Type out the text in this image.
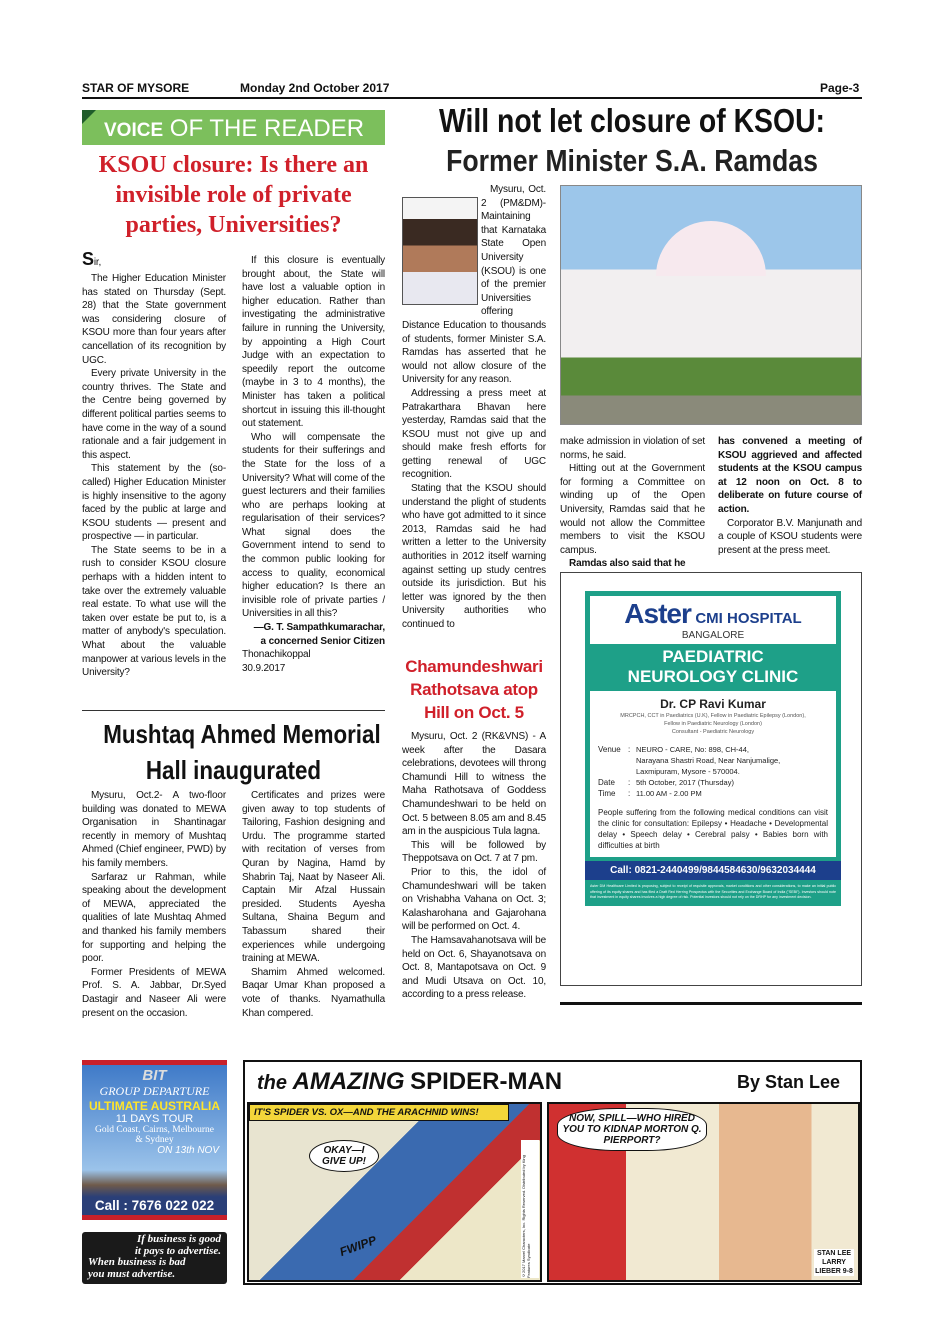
STAR OF MYSORE	Monday 2nd October 2017	Page-3
VOICE OF THE READER
KSOU closure: Is there an invisible role of private parties, Universities?
Sir,

The Higher Education Minister has stated on Thursday (Sept. 28) that the State government was considering closure of KSOU more than four years after cancellation of its recognition by UGC.

Every private University in the country thrives. The State and the Centre being governed by different political parties seems to have come in the way of a sound rationale and a fair judgement in this aspect.

This statement by the (so-called) Higher Education Minister is highly insensitive to the agony faced by the public at large and KSOU students — present and prospective — in particular.

The State seems to be in a rush to consider KSOU closure perhaps with a hidden intent to take over the extremely valuable real estate. To what use will the taken over estate be put to, is a matter of anybody's speculation. What about the valuable manpower at various levels in the University?

If this closure is eventually brought about, the State will have lost a valuable option in higher education. Rather than investigating the administrative failure in running the University, by appointing a High Court Judge with an expectation to speedily report the outcome (maybe in 3 to 4 months), the Minister has taken a political shortcut in issuing this ill-thought out statement.

Who will compensate the students for their sufferings and the State for the loss of a University? What will come of the guest lecturers and their families who are perhaps looking at regularisation of their services? What signal does the Government intend to send to the common public looking for access to quality, economical higher education? Is there an invisible role of private parties / Universities in all this?

—G. T. Sampathkumarachar,
a concerned Senior Citizen
Thonachikoppal
30.9.2017
Mushtaq Ahmed Memorial
Hall inaugurated

Mysuru, Oct.2- A two-floor building was donated to MEWA Organisation in Shantinagar recently in memory of Mushtaq Ahmed (Chief engineer, PWD) by his family members.

Sarfaraz ur Rahman, while speaking about the development of MEWA, appreciated the qualities of late Mushtaq Ahmed and thanked his family members for supporting and helping the poor.

Former Presidents of MEWA Prof. S. A. Jabbar, Dr.Syed Dastagir and Naseer Ali were present on the occasion.

Certificates and prizes were given away to top students of Tailoring, Fashion designing and Urdu. The programme started with recitation of verses from Quran by Nagina, Hamd by Shabrin Taj, Naat by Naseer Ali. Captain Mir Afzal Hussain presided. Students Ayesha Sultana, Shaina Begum and Tabassum shared their experiences while undergoing training at MEWA.

Shamim Ahmed welcomed. Baqar Umar Khan proposed a vote of thanks. Nyamathulla Khan compered.

Will not let closure of KSOU:
Former Minister S.A. Ramdas

Mysuru, Oct. 2 (PM&DM)- Maintaining that Karnataka State Open University (KSOU) is one of the premier Universities offering Distance Education to thousands of students, former Minister S.A. Ramdas has asserted that he would not allow closure of the University for any reason.

Addressing a press meet at Patrakarthara Bhavan here yesterday, Ramdas said that the KSOU must not give up and should make fresh efforts for getting renewal of UGC recognition.

Stating that the KSOU should understand the plight of students who have got admitted to it since 2013, Ramdas said he had written a letter to the University authorities in 2012 itself warning against setting up study centres outside its jurisdiction. But his letter was ignored by the then University authorities who continued to

make admission in violation of set norms, he said.

Hitting out at the Government for forming a Committee on winding up of the Open University, Ramdas said that he would not allow the Committee members to visit the KSOU campus.

Ramdas also said that he

has convened a meeting of KSOU aggrieved and affected students at the KSOU campus at 12 noon on Oct. 8 to deliberate on future course of action.

Corporator B.V. Manjunath and a couple of KSOU students were present at the press meet.

Chamundeshwari Rathotsava atop Hill on Oct. 5

Mysuru, Oct. 2 (RK&VNS) - A week after the Dasara celebrations, devotees will throng Chamundi Hill to witness the Maha Rathotsava of Goddess Chamundeshwari to be held on Oct. 5 between 8.05 am and 8.45 am in the auspicious Tula lagna.

This will be followed by Theppotsava on Oct. 7 at 7 pm.

Prior to this, the idol of Chamundeshwari will be taken on Vrishabha Vahana on Oct. 3; Kalasharohana and Gajarohana will be performed on Oct. 4.

The Hamsavahanotsava will be held on Oct. 6, Shayanotsava on Oct. 8, Mantapotsava on Oct. 9 and Mudi Utsava on Oct. 10, according to a press release.

Aster CMI HOSPITAL
BANGALORE
PAEDIATRIC
NEUROLOGY CLINIC
Dr. CP Ravi Kumar
MRCPCH, CCT in Paediatrics (U.K), Fellow in Paediatric Epilepsy (London),
Fellow in Paediatric Neurology (London)
Consultant - Paediatric Neurology
Venue : NEURO - CARE, No: 898, CH-44,
Narayana Shastri Road, Near Nanjumalige,
Laxmipuram, Mysore - 570004.
Date	: 5th October, 2017 (Thursday)
Time	: 11.00 AM - 2.00 PM
People suffering from the following medical conditions can visit the clinic for consultation: Epilepsy • Headache • Developmental delay • Speech delay • Cerebral palsy • Babies born with difficulties at birth
Call: 0821-2440499/9844584630/9632034444
Aster DM Healthcare Limited is proposing, subject to receipt of requisite approvals, market conditions and other considerations, to make an initial public offering of its equity shares and has filed a Draft Red Herring Prospectus with the Securities and Exchange Board of India ("SEBI"). Investors should note that investment in equity shares involves a high degree of risk. Potential investors should not rely on the DRHP for any investment decision.
BIT
GROUP DEPARTURE
ULTIMATE AUSTRALIA
11 DAYS TOUR
Gold Coast, Cairns, Melbourne
& Sydney
ON 13th NOV
Call : 7676 022 022
If business is good
it pays to advertise.
When business is bad
you must advertise.
the AMAZING SPIDER-MAN	By Stan Lee
IT'S SPIDER VS. OX—AND THE ARACHNID WINS!
OKAY—I GIVE UP!
FWIPP	©2017 Marvel Characters, Inc. Rights Reserved. Distributed by King Features Syndicate
NOW, SPILL—WHO HIRED YOU TO KIDNAP MORTON Q. PIERPORT?
STAN LEE LARRY LIEBER 9-8
